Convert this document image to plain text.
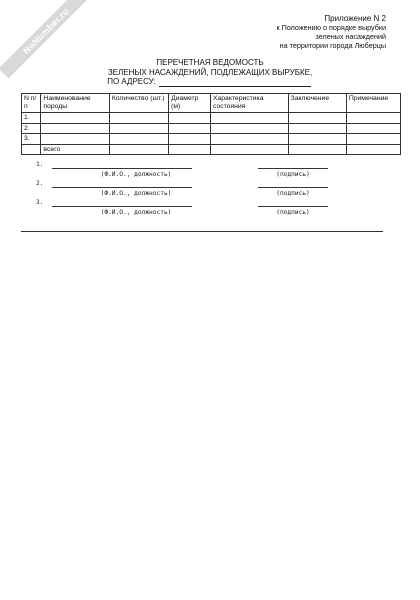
NoNumber.ru	Приложение N 2
к Положению о порядке вырубки
зеленых насаждений
на территории города Люберцы
ПЕРЕЧЕТНАЯ ВЕДОМОСТЬ
ЗЕЛЕНЫХ НАСАЖДЕНИЙ, ПОДЛЕЖАЩИХ ВЫРУБКЕ,
ПО АДРЕСУ:
N п/п	Наименование породы	Количество (шт.)	Диаметр (м)	Характеристика состояния	Заключение	Примечание
1.						
2.						
3.						
	всего					
1.
(Ф.И.О., должность)	(подпись)
2.
(Ф.И.О., должность)	(подпись)
3.
(Ф.И.О., должность)	(подпись)
